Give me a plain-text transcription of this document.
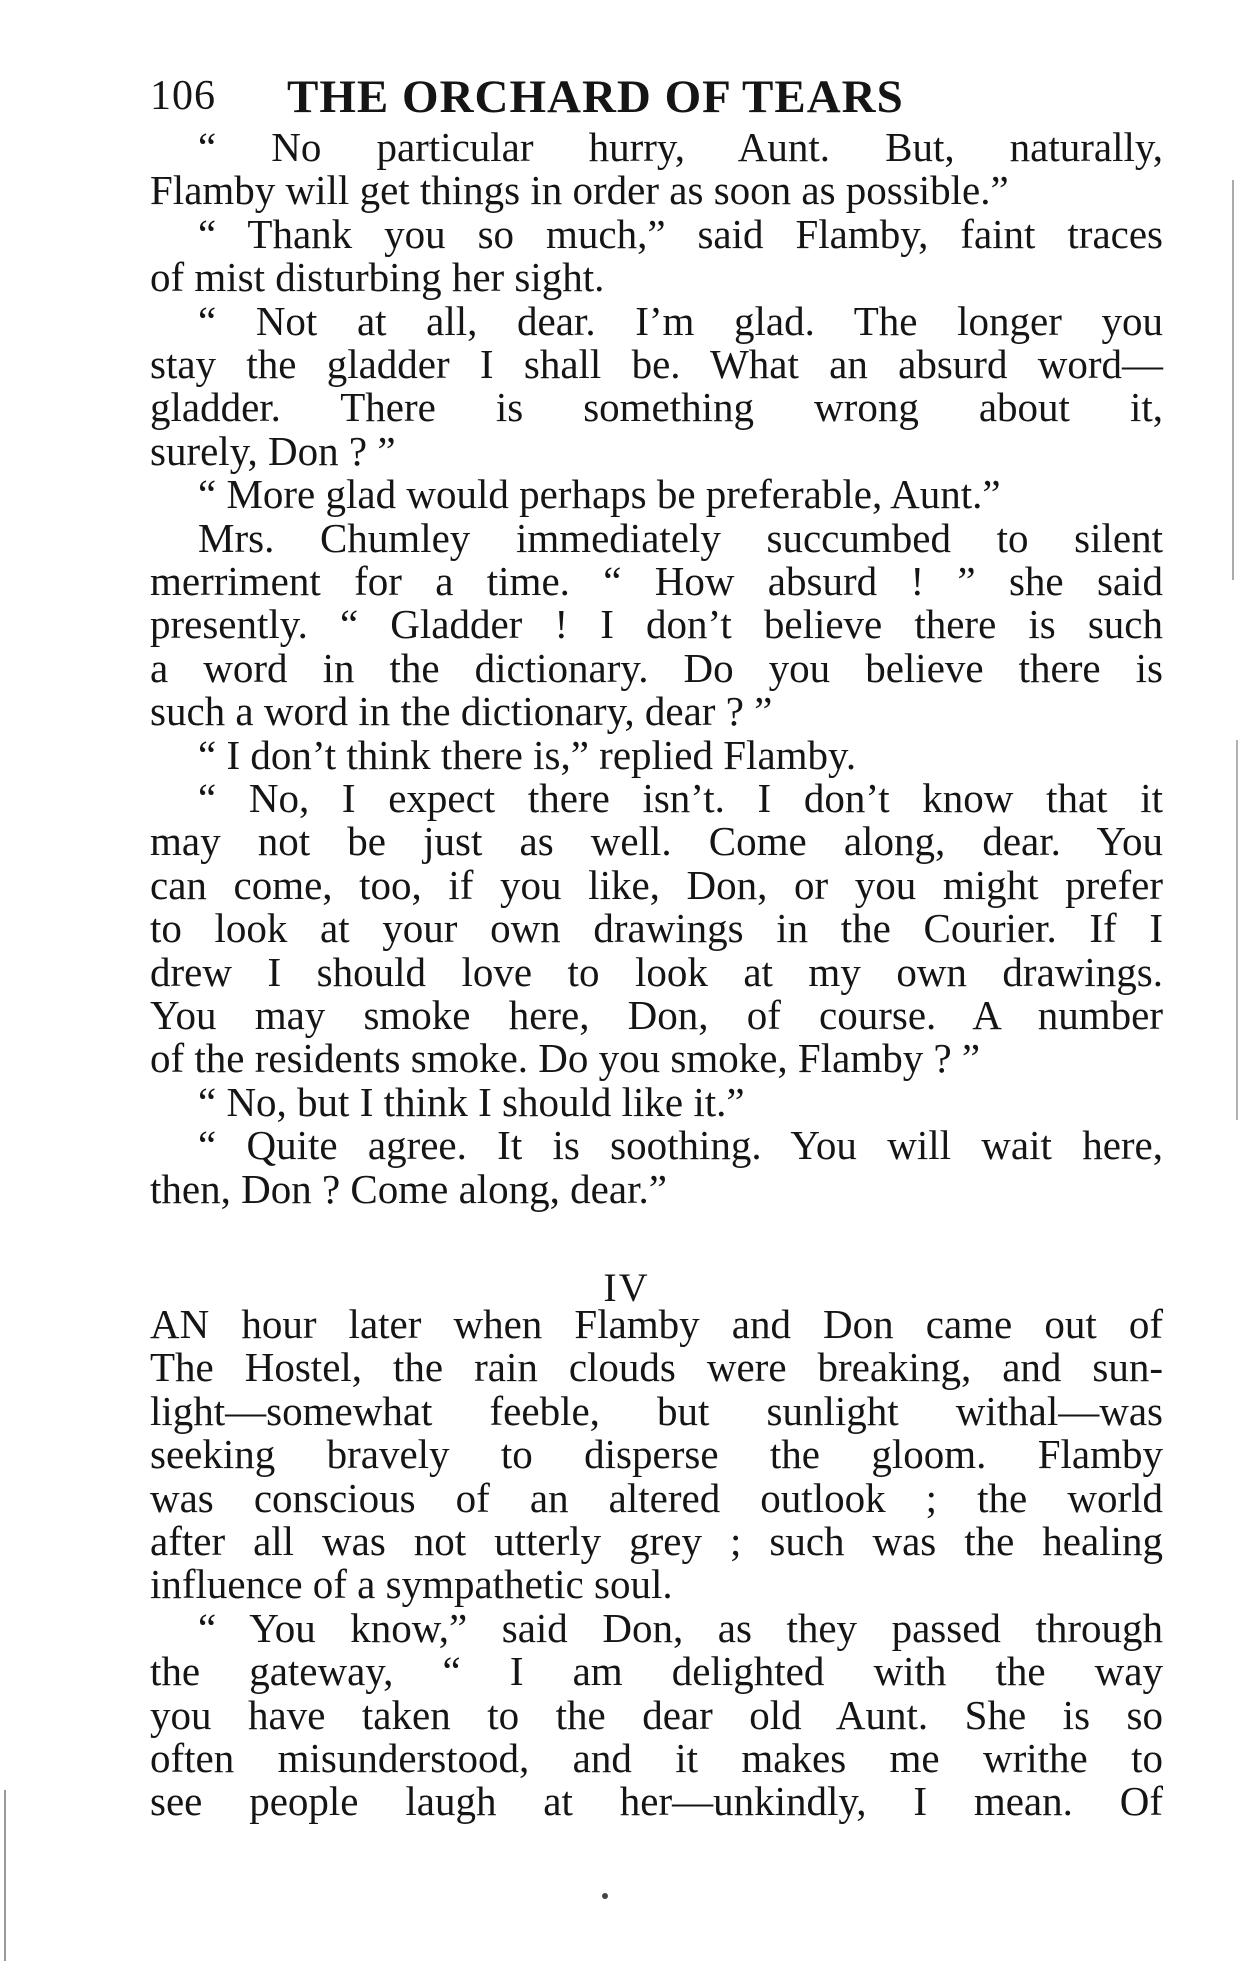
106 THE ORCHARD OF TEARS
“ No particular hurry, Aunt. But, naturally,
Flamby will get things in order as soon as possible.”
“ Thank you so much,” said Flamby, faint traces
of mist disturbing her sight.
“ Not at all, dear. I’m glad. The longer you
stay the gladder I shall be. What an absurd word—
gladder. There is something wrong about it,
surely, Don ? ”
“ More glad would perhaps be preferable, Aunt.”
Mrs. Chumley immediately succumbed to silent
merriment for a time. “ How absurd ! ” she said
presently. “ Gladder ! I don’t believe there is such
a word in the dictionary. Do you believe there is
such a word in the dictionary, dear ? ”
“ I don’t think there is,” replied Flamby.
“ No, I expect there isn’t. I don’t know that it
may not be just as well. Come along, dear. You
can come, too, if you like, Don, or you might prefer
to look at your own drawings in the Courier. If I
drew I should love to look at my own drawings.
You may smoke here, Don, of course. A number
of the residents smoke. Do you smoke, Flamby ? ”
“ No, but I think I should like it.”
“ Quite agree. It is soothing. You will wait here,
then, Don ? Come along, dear.”
AN hour later when Flamby and Don came out of
The Hostel, the rain clouds were breaking, and sun-
light—somewhat feeble, but sunlight withal—was
seeking bravely to disperse the gloom. Flamby
was conscious of an altered outlook ; the world
after all was not utterly grey ; such was the healing
influence of a sympathetic soul.
“ You know,” said Don, as they passed through
the gateway, “ I am delighted with the way
you have taken to the dear old Aunt. She is so
often misunderstood, and it makes me writhe to
see people laugh at her—unkindly, I mean. Of
IV
